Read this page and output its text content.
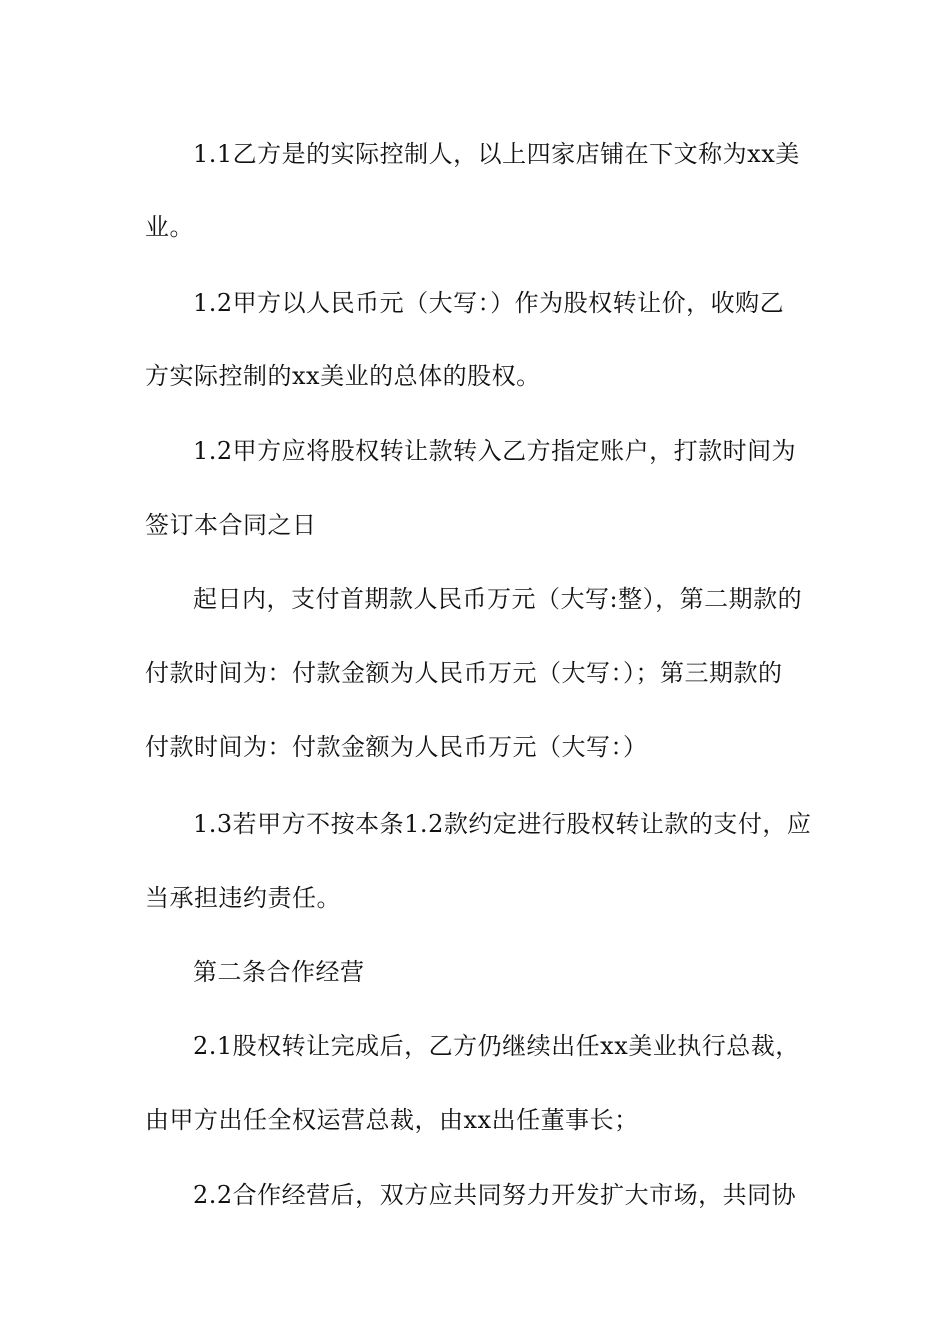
1.1乙方是的实际控制人，以上四家店铺在下文称为xx美
业。
1.2甲方以人民币元（大写：）作为股权转让价，收购乙
方实际控制的xx美业的总体的股权。
1.2甲方应将股权转让款转入乙方指定账户，打款时间为
签订本合同之日
起日内，支付首期款人民币万元（大写:整），第二期款的
付款时间为：付款金额为人民币万元（大写：）；第三期款的
付款时间为：付款金额为人民币万元（大写：）
1.3若甲方不按本条1.2款约定进行股权转让款的支付，应
当承担违约责任。
第二条合作经营
2.1股权转让完成后，乙方仍继续出任xx美业执行总裁，
由甲方出任全权运营总裁，由xx出任董事长；
2.2合作经营后，双方应共同努力开发扩大市场，共同协
